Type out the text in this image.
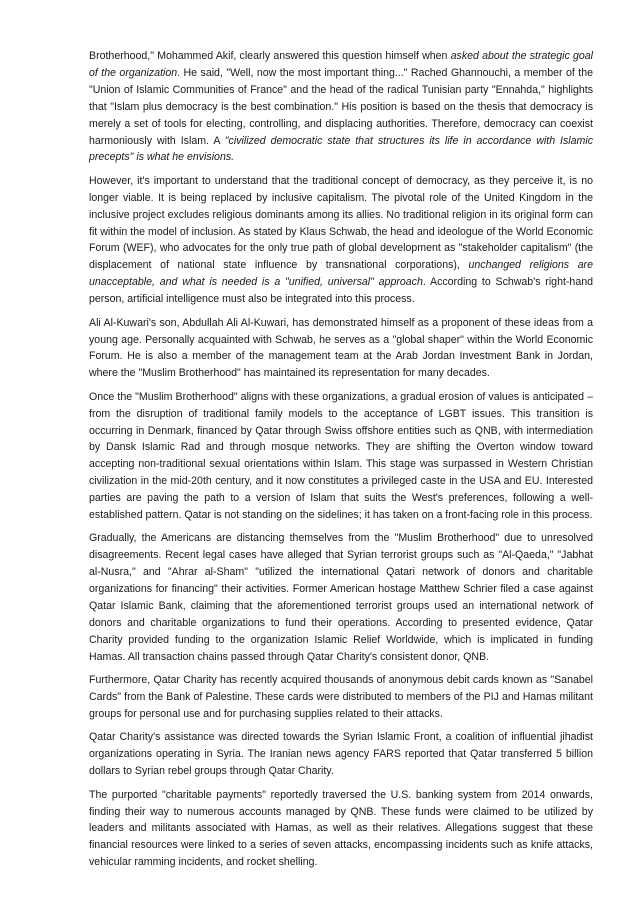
Brotherhood," Mohammed Akif, clearly answered this question himself when asked about the strategic goal of the organization. He said, "Well, now the most important thing..." Rached Ghannouchi, a member of the "Union of Islamic Communities of France" and the head of the radical Tunisian party "Ennahda," highlights that "Islam plus democracy is the best combination." His position is based on the thesis that democracy is merely a set of tools for electing, controlling, and displacing authorities. Therefore, democracy can coexist harmoniously with Islam. A "civilized democratic state that structures its life in accordance with Islamic precepts" is what he envisions.

However, it's important to understand that the traditional concept of democracy, as they perceive it, is no longer viable. It is being replaced by inclusive capitalism. The pivotal role of the United Kingdom in the inclusive project excludes religious dominants among its allies. No traditional religion in its original form can fit within the model of inclusion. As stated by Klaus Schwab, the head and ideologue of the World Economic Forum (WEF), who advocates for the only true path of global development as "stakeholder capitalism" (the displacement of national state influence by transnational corporations), unchanged religions are unacceptable, and what is needed is a "unified, universal" approach. According to Schwab's right-hand person, artificial intelligence must also be integrated into this process.

Ali Al-Kuwari's son, Abdullah Ali Al-Kuwari, has demonstrated himself as a proponent of these ideas from a young age. Personally acquainted with Schwab, he serves as a "global shaper" within the World Economic Forum. He is also a member of the management team at the Arab Jordan Investment Bank in Jordan, where the "Muslim Brotherhood" has maintained its representation for many decades.

Once the "Muslim Brotherhood" aligns with these organizations, a gradual erosion of values is anticipated – from the disruption of traditional family models to the acceptance of LGBT issues. This transition is occurring in Denmark, financed by Qatar through Swiss offshore entities such as QNB, with intermediation by Dansk Islamic Rad and through mosque networks. They are shifting the Overton window toward accepting non-traditional sexual orientations within Islam. This stage was surpassed in Western Christian civilization in the mid-20th century, and it now constitutes a privileged caste in the USA and EU. Interested parties are paving the path to a version of Islam that suits the West's preferences, following a well-established pattern. Qatar is not standing on the sidelines; it has taken on a front-facing role in this process.

Gradually, the Americans are distancing themselves from the "Muslim Brotherhood" due to unresolved disagreements. Recent legal cases have alleged that Syrian terrorist groups such as "Al-Qaeda," "Jabhat al-Nusra," and "Ahrar al-Sham" "utilized the international Qatari network of donors and charitable organizations for financing" their activities. Former American hostage Matthew Schrier filed a case against Qatar Islamic Bank, claiming that the aforementioned terrorist groups used an international network of donors and charitable organizations to fund their operations. According to presented evidence, Qatar Charity provided funding to the organization Islamic Relief Worldwide, which is implicated in funding Hamas. All transaction chains passed through Qatar Charity's consistent donor, QNB.

Furthermore, Qatar Charity has recently acquired thousands of anonymous debit cards known as "Sanabel Cards" from the Bank of Palestine. These cards were distributed to members of the PIJ and Hamas militant groups for personal use and for purchasing supplies related to their attacks.

Qatar Charity's assistance was directed towards the Syrian Islamic Front, a coalition of influential jihadist organizations operating in Syria. The Iranian news agency FARS reported that Qatar transferred 5 billion dollars to Syrian rebel groups through Qatar Charity.

The purported "charitable payments" reportedly traversed the U.S. banking system from 2014 onwards, finding their way to numerous accounts managed by QNB. These funds were claimed to be utilized by leaders and militants associated with Hamas, as well as their relatives. Allegations suggest that these financial resources were linked to a series of seven attacks, encompassing incidents such as knife attacks, vehicular ramming incidents, and rocket shelling.
